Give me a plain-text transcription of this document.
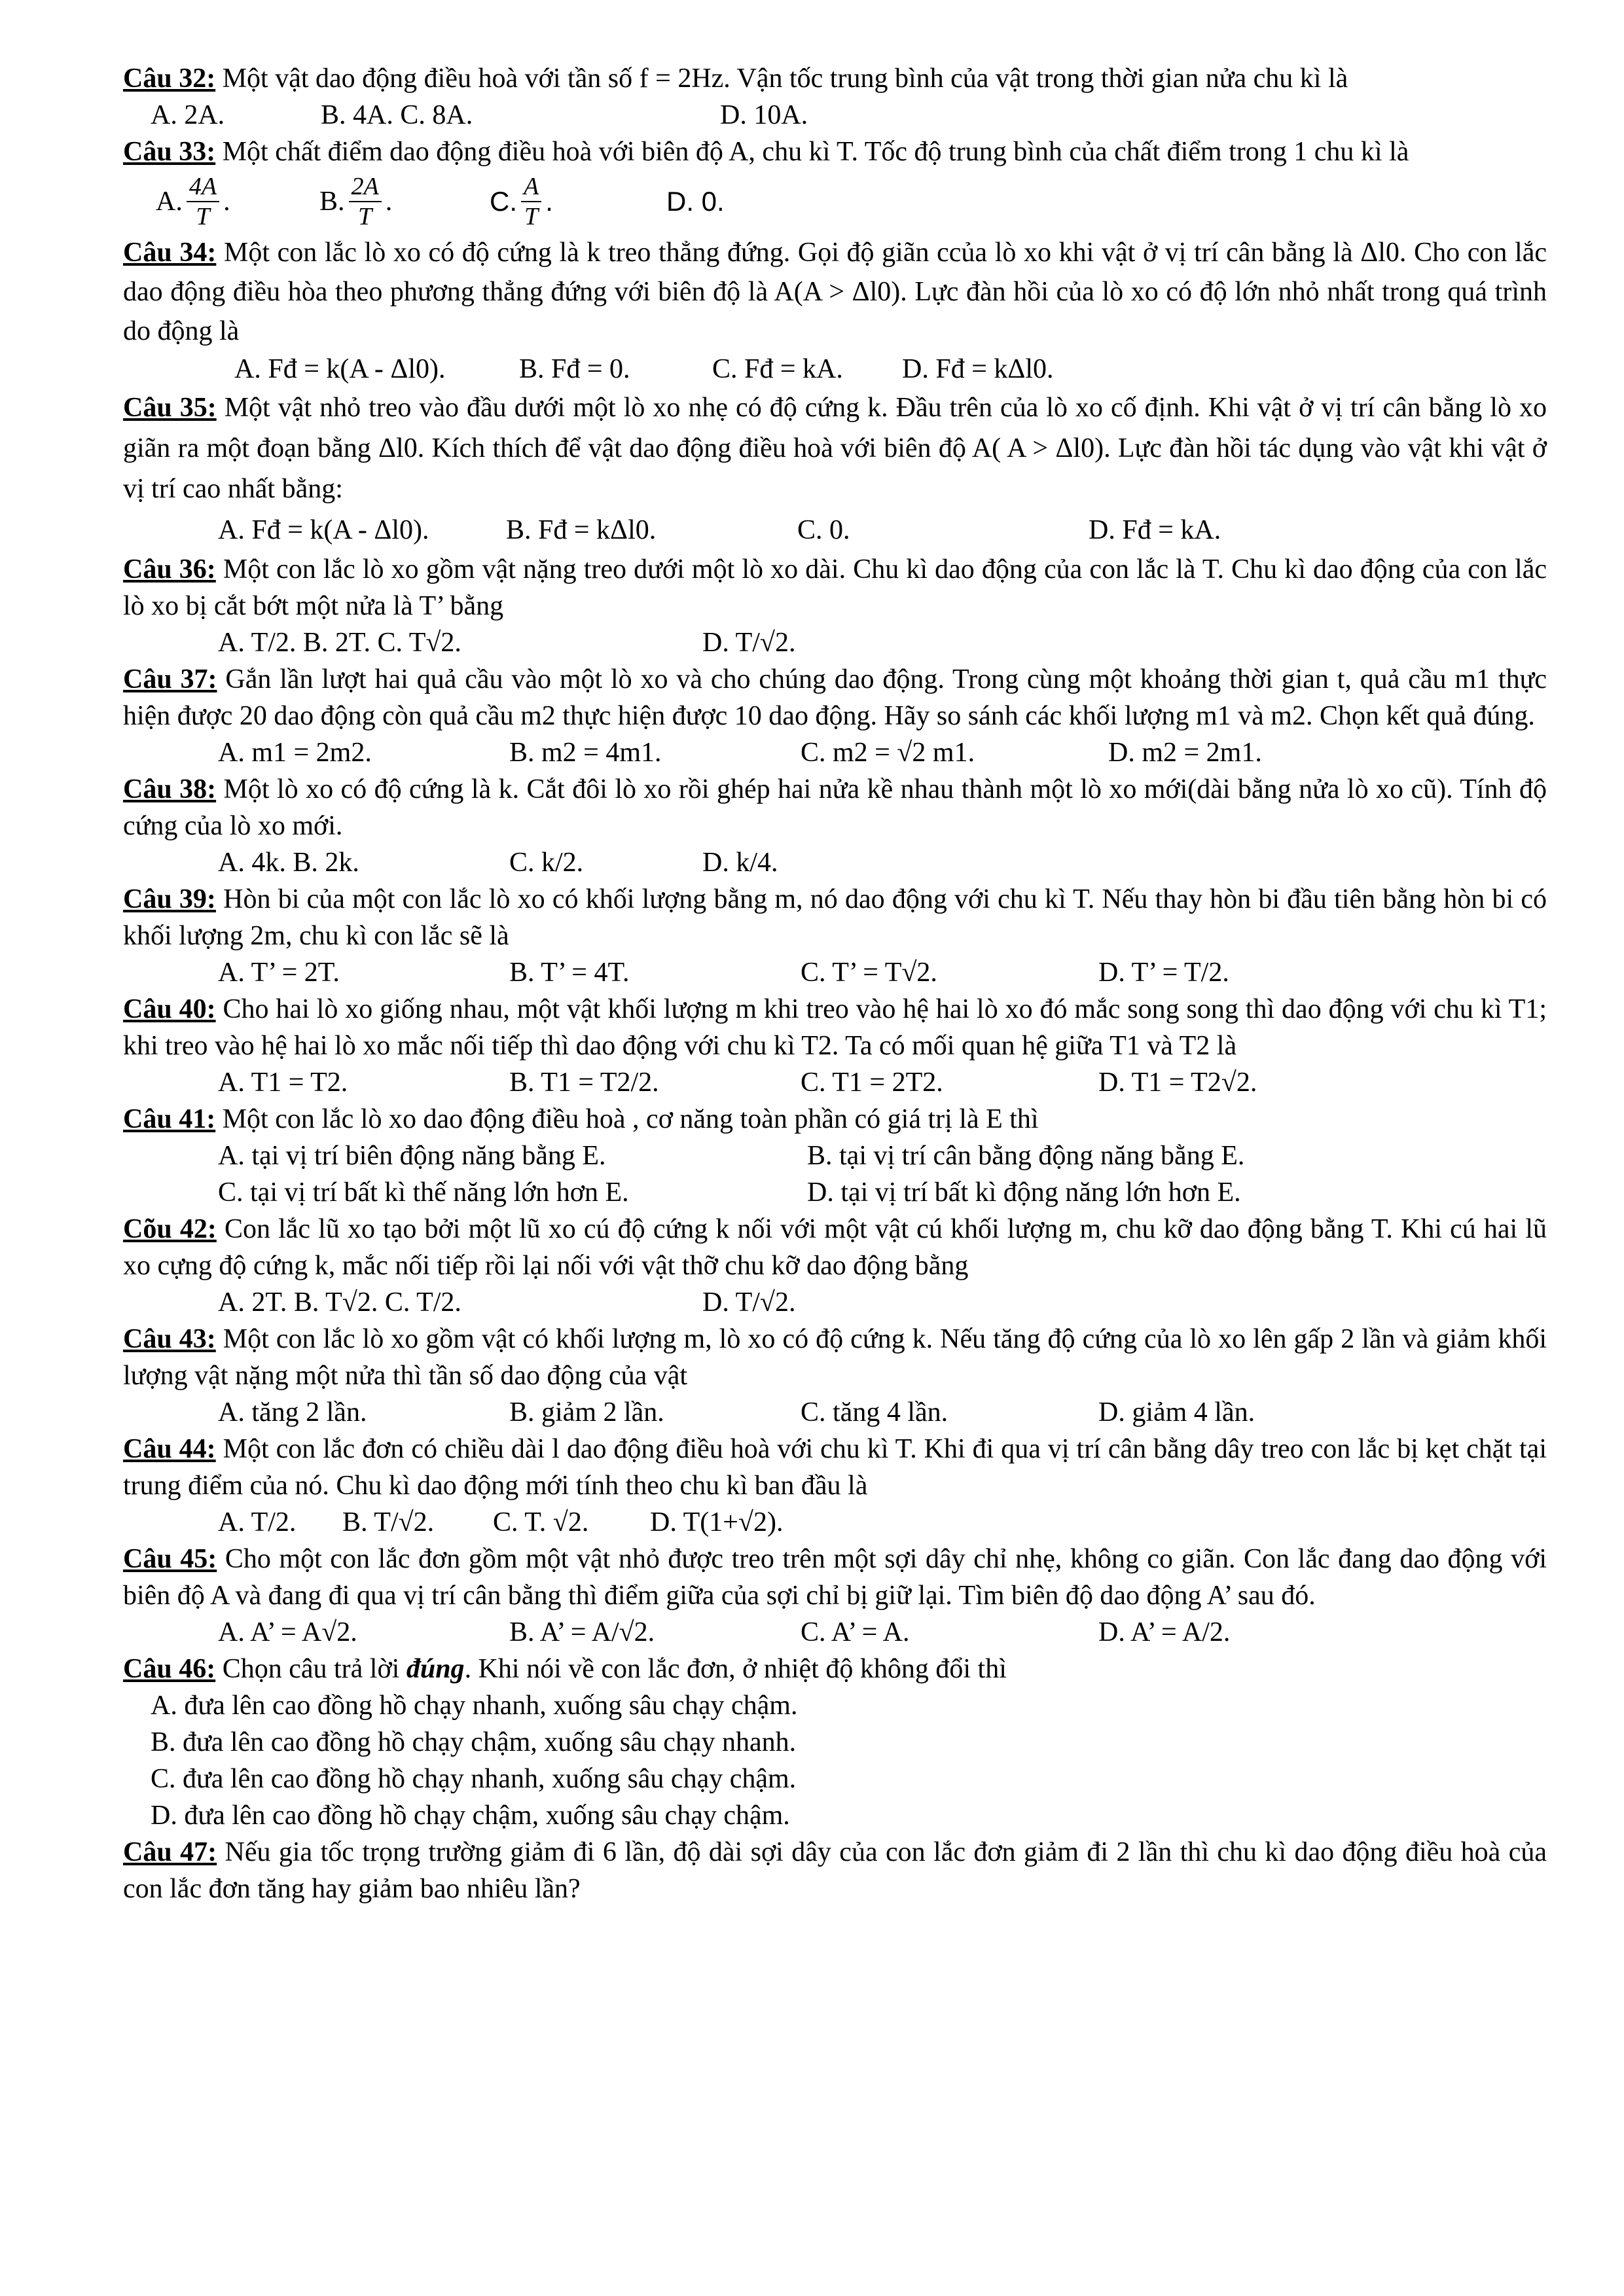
Câu 32: Một vật dao động điều hoà với tần số f = 2Hz. Vận tốc trung bình của vật trong thời gian nửa chu kì là

A. 2A.	B. 4A. C. 8A.	D. 10A.

Câu 33: Một chất điểm dao động điều hoà với biên độ A, chu kì T. Tốc độ trung bình của chất điểm trong 1 chu kì là

A. $\frac{4A}{T}$ .	B. $\frac{2A}{T}$ .	C. $\frac{A}{T}$ .	D. 0.

Câu 34: Một con lắc lò xo có độ cứng là k treo thẳng đứng. Gọi độ giãn ccủa lò xo khi vật ở vị trí cân bằng là Δl0. Cho con lắc dao động điều hòa theo phương thẳng đứng với biên độ là A(A > Δl0). Lực đàn hồi của lò xo có độ lớn nhỏ nhất trong quá trình do động là

A. Fđ = k(A - Δl0).	B. Fđ = 0.	C. Fđ = kA.	D. Fđ = kΔl0.

Câu 35: Một vật nhỏ treo vào đầu dưới một lò xo nhẹ có độ cứng k. Đầu trên của lò xo cố định. Khi vật ở vị trí cân bằng lò xo giãn ra một đoạn bằng Δl0. Kích thích để vật dao động điều hoà với biên độ A( A > Δl0). Lực đàn hồi tác dụng vào vật khi vật ở vị trí cao nhất bằng:

A. Fđ = k(A - Δl0).	B. Fđ = kΔl0.	C. 0.	D. Fđ = kA.

Câu 36: Một con lắc lò xo gồm vật nặng treo dưới một lò xo dài. Chu kì dao động của con lắc là T. Chu kì dao động của con lắc lò xo bị cắt bớt một nửa là T’ bằng

A. T/2. B. 2T. C. T√2.	D. T/√2.

Câu 37: Gắn lần lượt hai quả cầu vào một lò xo và cho chúng dao động. Trong cùng một khoảng thời gian t, quả cầu m1 thực hiện được 20 dao động còn quả cầu m2 thực hiện được 10 dao động. Hãy so sánh các khối lượng m1 và m2. Chọn kết quả đúng.

A. m1 = 2m2.	B. m2 = 4m1.	C. m2 = √2 m1.	D. m2 = 2m1.

Câu 38: Một lò xo có độ cứng là k. Cắt đôi lò xo rồi ghép hai nửa kề nhau thành một lò xo mới(dài bằng nửa lò xo cũ). Tính độ cứng của lò xo mới.

A. 4k. B. 2k.	C. k/2.	D. k/4.

Câu 39: Hòn bi của một con lắc lò xo có khối lượng bằng m, nó dao động với chu kì T. Nếu thay hòn bi đầu tiên bằng hòn bi có khối lượng 2m, chu kì con lắc sẽ là

A. T’ = 2T.	B. T’ = 4T.	C. T’ = T√2.	D. T’ = T/2.

Câu 40: Cho hai lò xo giống nhau, một vật khối lượng m khi treo vào hệ hai lò xo đó mắc song song thì dao động với chu kì T1; khi treo vào hệ hai lò xo mắc nối tiếp thì dao động với chu kì T2. Ta có mối quan hệ giữa T1 và T2 là

A. T1 = T2.	B. T1 = T2/2.	C. T1 = 2T2.	D. T1 = T2√2.

Câu 41: Một con lắc lò xo dao động điều hoà , cơ năng toàn phần có giá trị là E thì

A. tại vị trí biên động năng bằng E.	B. tại vị trí cân bằng động năng bằng E.
C. tại vị trí bất kì thế năng lớn hơn E.	D. tại vị trí bất kì động năng lớn hơn E.

Cõu 42: Con lắc lũ xo tạo bởi một lũ xo cú độ cứng k nối với một vật cú khối lượng m, chu kỡ dao động bằng T. Khi cú hai lũ xo cựng độ cứng k, mắc nối tiếp rồi lại nối với vật thỡ chu kỡ dao động bằng

A. 2T. B. T√2. C. T/2.	D. T/√2.

Câu 43: Một con lắc lò xo gồm vật có khối lượng m, lò xo có độ cứng k. Nếu tăng độ cứng của lò xo lên gấp 2 lần và giảm khối lượng vật nặng một nửa thì tần số dao động của vật

A. tăng 2 lần.	B. giảm 2 lần.	C. tăng 4 lần.	D. giảm 4 lần.

Câu 44: Một con lắc đơn có chiều dài l dao động điều hoà với chu kì T. Khi đi qua vị trí cân bằng dây treo con lắc bị kẹt chặt tại trung điểm của nó. Chu kì dao động mới tính theo chu kì ban đầu là

A. T/2.	B. T/√2.	C. T. √2.	D. T(1+√2).

Câu 45: Cho một con lắc đơn gồm một vật nhỏ được treo trên một sợi dây chỉ nhẹ, không co giãn. Con lắc đang dao động với biên độ A và đang đi qua vị trí cân bằng thì điểm giữa của sợi chỉ bị giữ lại. Tìm biên độ dao động A’ sau đó.

A. A’ = A√2.	B. A’ = A/√2.	C. A’ = A.	D. A’ = A/2.

Câu 46: Chọn câu trả lời đúng. Khi nói về con lắc đơn, ở nhiệt độ không đổi thì

A. đưa lên cao đồng hồ chạy nhanh, xuống sâu chạy chậm.
B. đưa lên cao đồng hồ chạy chậm, xuống sâu chạy nhanh.
C. đưa lên cao đồng hồ chạy nhanh, xuống sâu chạy chậm.
D. đưa lên cao đồng hồ chạy chậm, xuống sâu chạy chậm.

Câu 47: Nếu gia tốc trọng trường giảm đi 6 lần, độ dài sợi dây của con lắc đơn giảm đi 2 lần thì chu kì dao động điều hoà của con lắc đơn tăng hay giảm bao nhiêu lần?
